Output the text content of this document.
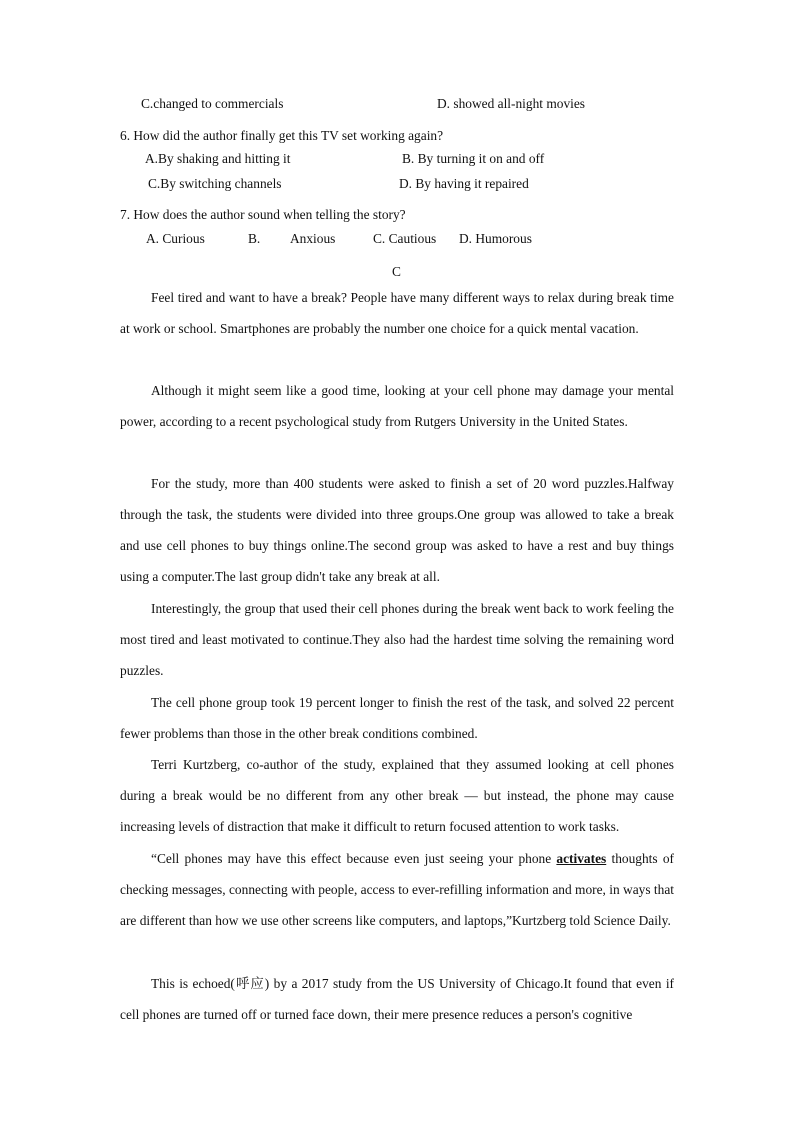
C.changed to commercials	D. showed all-night movies
6. How did the author finally get this TV set working again?
A.By shaking and hitting it	B. By turning it on and off
C.By switching channels	D. By having it repaired
7. How does the author sound when telling the story?
A. Curious	B. Anxious	C. Cautious D. Humorous
C

Feel tired and want to have a break? People have many different ways to relax during break time at work or school. Smartphones are probably the number one choice for a quick mental vacation.

Although it might seem like a good time, looking at your cell phone may damage your mental power, according to a recent psychological study from Rutgers University in the United States.

For the study, more than 400 students were asked to finish a set of 20 word puzzles.Halfway through the task, the students were divided into three groups.One group was allowed to take a break and use cell phones to buy things online.The second group was asked to have a rest and buy things using a computer.The last group didn't take any break at all.

Interestingly, the group that used their cell phones during the break went back to work feeling the most tired and least motivated to continue.They also had the hardest time solving the remaining word puzzles.

The cell phone group took 19 percent longer to finish the rest of the task, and solved 22 percent fewer problems than those in the other break conditions combined.

Terri Kurtzberg, co-author of the study, explained that they assumed looking at cell phones during a break would be no different from any other break — but instead, the phone may cause increasing levels of distraction that make it difficult to return focused attention to work tasks.

“Cell phones may have this effect because even just seeing your phone activates thoughts of checking messages, connecting with people, access to ever-refilling information and more, in ways that are different than how we use other screens like computers, and laptops,”Kurtzberg told Science Daily.

This is echoed(呼应) by a 2017 study from the US University of Chicago.It found that even if cell phones are turned off or turned face down, their mere presence reduces a person's cognitive
